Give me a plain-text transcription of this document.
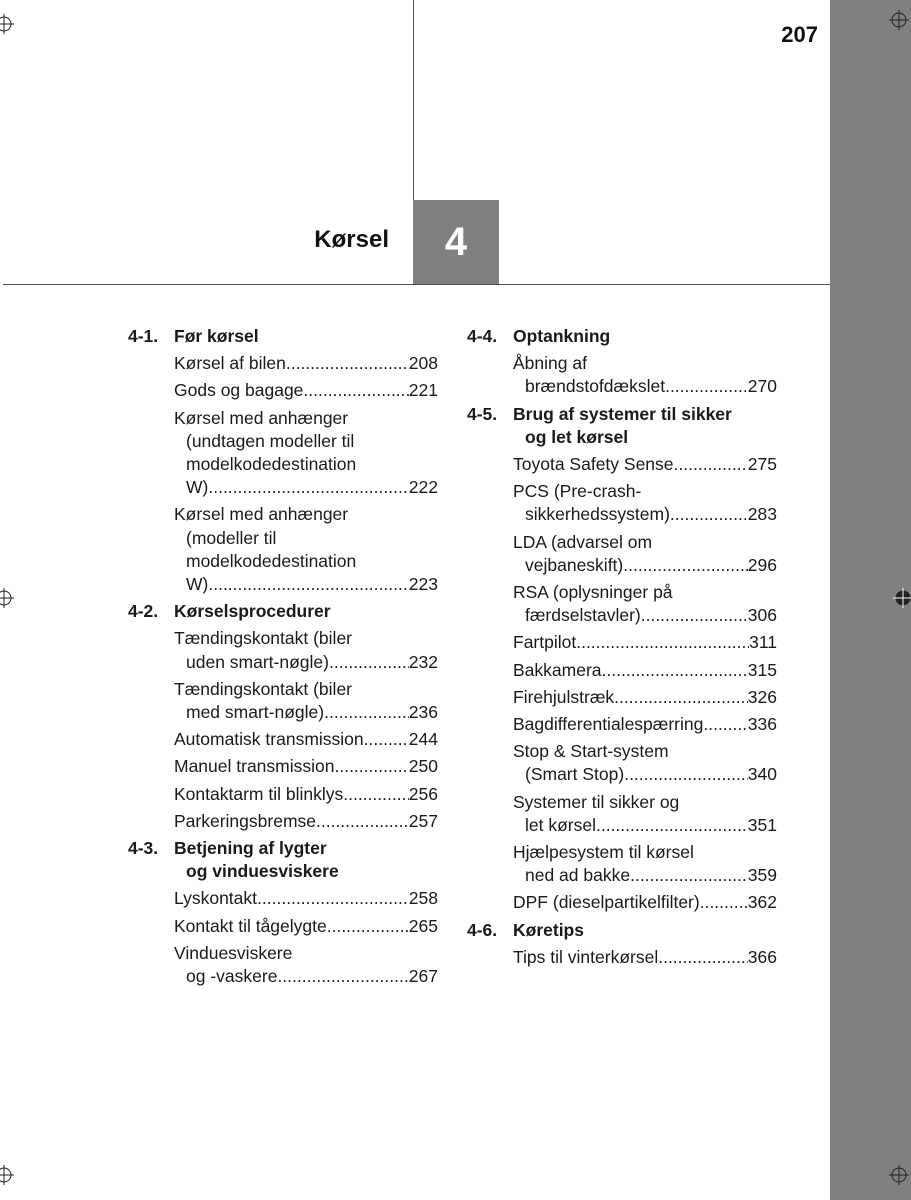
207
Kørsel	4
4-1. Før kørsel
Kørsel af bilen .....	208
Gods og bagage .....	221
Kørsel med anhænger
(undtagen modeller til
modelkodedestination
W) .....	222
Kørsel med anhænger
(modeller til
modelkodedestination
W) .....	223
4-2. Kørselsprocedurer
Tændingskontakt (biler
uden smart-nøgle) .....	232
Tændingskontakt (biler
med smart-nøgle) .....	236
Automatisk transmission .....	244
Manuel transmission .....	250
Kontaktarm til blinklys .....	256
Parkeringsbremse .....	257
4-3. Betjening af lygter
og vinduesviskere
Lyskontakt .....	258
Kontakt til tågelygte .....	265
Vinduesviskere
og -vaskere .....	267
4-4. Optankning
Åbning af
brændstofdækslet .....	270
4-5. Brug af systemer til sikker
og let kørsel
Toyota Safety Sense .....	275
PCS (Pre-crash-
sikkerhedssystem) .....	283
LDA (advarsel om
vejbaneskift) .....	296
RSA (oplysninger på
færdselstavler) .....	306
Fartpilot .....	311
Bakkamera .....	315
Firehjulstræk .....	326
Bagdifferentialespærring .....	336
Stop & Start-system
(Smart Stop) .....	340
Systemer til sikker og
let kørsel .....	351
Hjælpesystem til kørsel
ned ad bakke .....	359
DPF (dieselpartikelfilter) .....	362
4-6. Køretips
Tips til vinterkørsel .....	366
